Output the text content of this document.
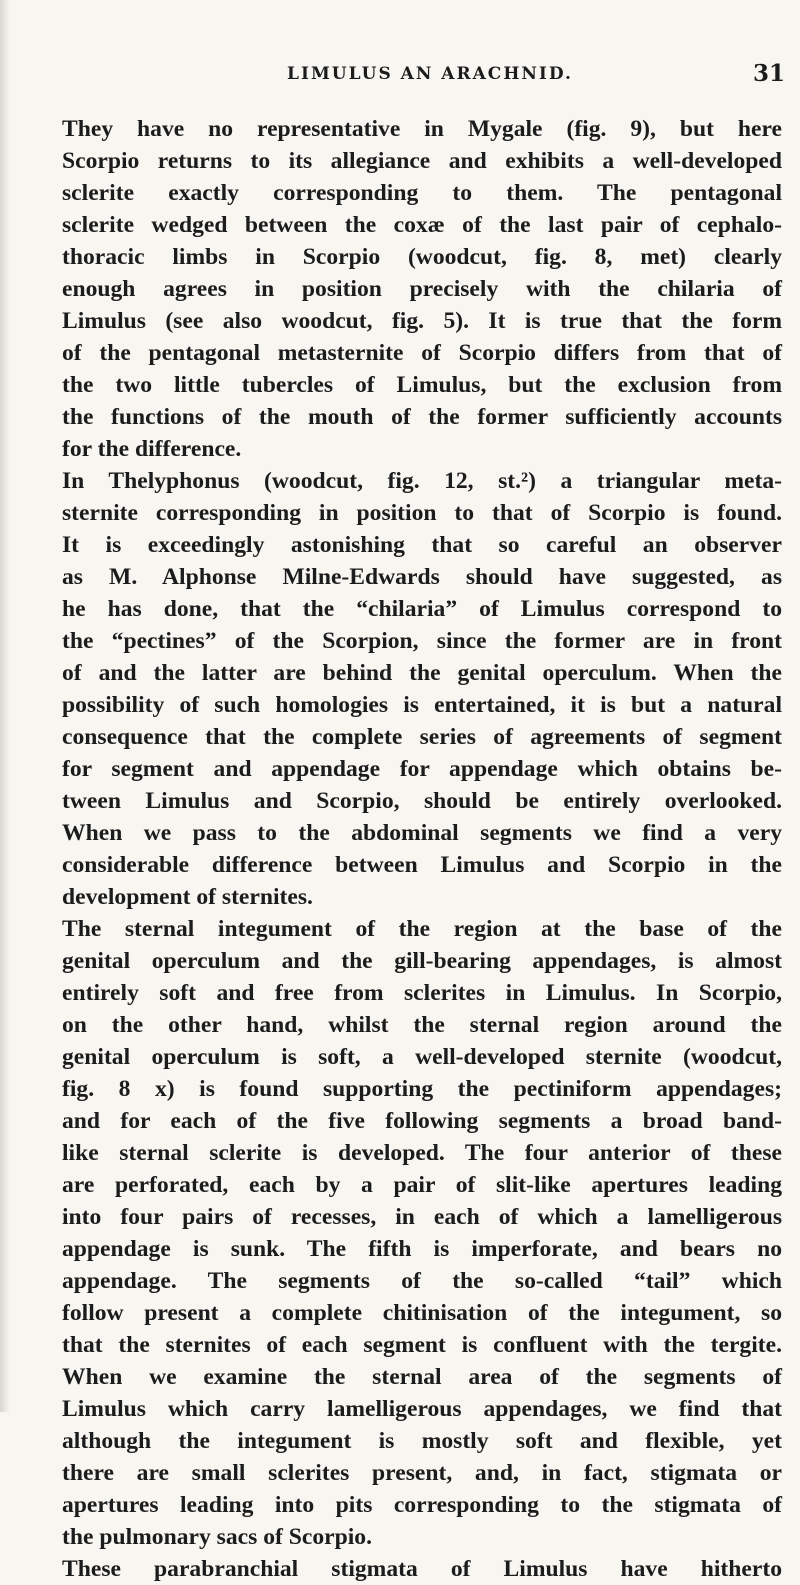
LIMULUS AN ARACHNID.	31
They have no representative in Mygale (fig. 9), but here
Scorpio returns to its allegiance and exhibits a well-developed
sclerite exactly corresponding to them. The pentagonal
sclerite wedged between the coxæ of the last pair of cephalo-
thoracic limbs in Scorpio (woodcut, fig. 8, met) clearly
enough agrees in position precisely with the chilaria of
Limulus (see also woodcut, fig. 5). It is true that the form
of the pentagonal metasternite of Scorpio differs from that of
the two little tubercles of Limulus, but the exclusion from
the functions of the mouth of the former sufficiently accounts
for the difference.
In Thelyphonus (woodcut, fig. 12, st.²) a triangular meta-
sternite corresponding in position to that of Scorpio is found.
It is exceedingly astonishing that so careful an observer
as M. Alphonse Milne-Edwards should have suggested, as
he has done, that the “chilaria” of Limulus correspond to
the “pectines” of the Scorpion, since the former are in front
of and the latter are behind the genital operculum. When the
possibility of such homologies is entertained, it is but a natural
consequence that the complete series of agreements of segment
for segment and appendage for appendage which obtains be-
tween Limulus and Scorpio, should be entirely overlooked.
When we pass to the abdominal segments we find a very
considerable difference between Limulus and Scorpio in the
development of sternites.
The sternal integument of the region at the base of the
genital operculum and the gill-bearing appendages, is almost
entirely soft and free from sclerites in Limulus. In Scorpio,
on the other hand, whilst the sternal region around the
genital operculum is soft, a well-developed sternite (woodcut,
fig. 8 x) is found supporting the pectiniform appendages;
and for each of the five following segments a broad band-
like sternal sclerite is developed. The four anterior of these
are perforated, each by a pair of slit-like apertures leading
into four pairs of recesses, in each of which a lamelligerous
appendage is sunk. The fifth is imperforate, and bears no
appendage. The segments of the so-called “tail” which
follow present a complete chitinisation of the integument, so
that the sternites of each segment is confluent with the tergite.
When we examine the sternal area of the segments of
Limulus which carry lamelligerous appendages, we find that
although the integument is mostly soft and flexible, yet
there are small sclerites present, and, in fact, stigmata or
apertures leading into pits corresponding to the stigmata of
the pulmonary sacs of Scorpio.
These parabranchial stigmata of Limulus have hitherto
